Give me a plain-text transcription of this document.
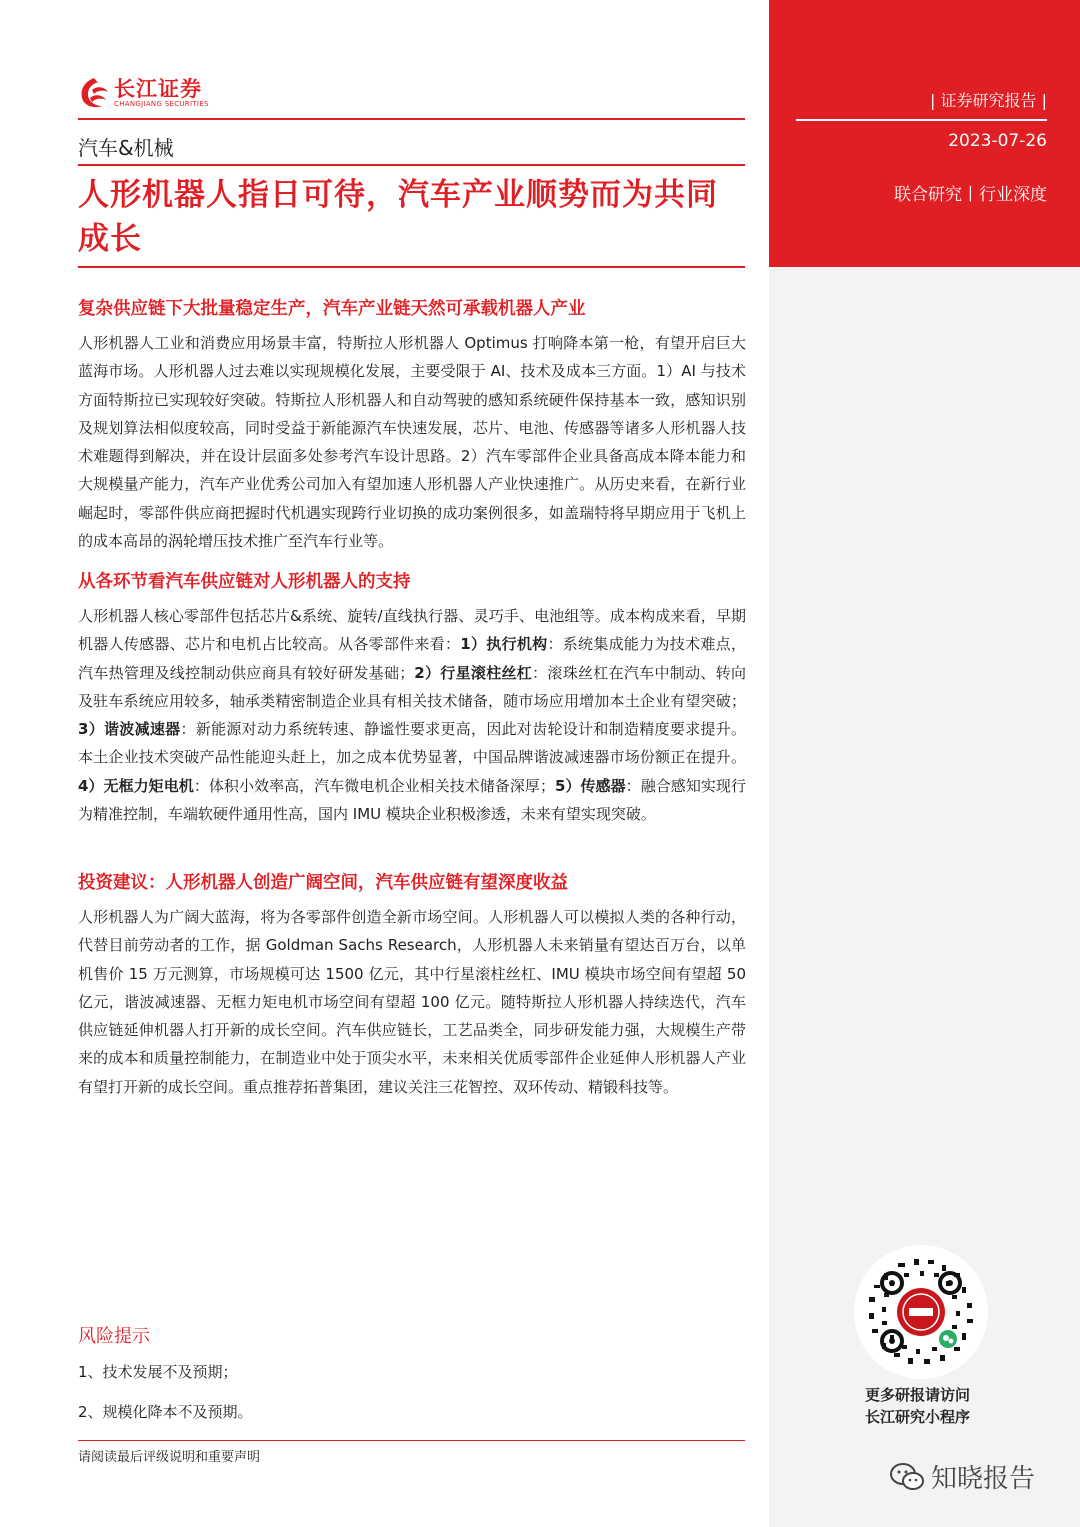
| 证券研究报告 |
2023-07-26
联合研究丨行业深度
更多研报请访问
长江研究小程序
知晓报告
长江证券
CHANGJIANG SECURITIES
汽车&机械
人形机器人指日可待，汽车产业顺势而为共同成长
复杂供应链下大批量稳定生产，汽车产业链天然可承载机器人产业
人形机器人工业和消费应用场景丰富，特斯拉人形机器人 Optimus 打响降本第一枪，有望开启巨大蓝海市场。人形机器人过去难以实现规模化发展，主要受限于 AI、技术及成本三方面。1）AI 与技术方面特斯拉已实现较好突破。特斯拉人形机器人和自动驾驶的感知系统硬件保持基本一致，感知识别及规划算法相似度较高，同时受益于新能源汽车快速发展，芯片、电池、传感器等诸多人形机器人技术难题得到解决，并在设计层面多处参考汽车设计思路。2）汽车零部件企业具备高成本降本能力和大规模量产能力，汽车产业优秀公司加入有望加速人形机器人产业快速推广。从历史来看，在新行业崛起时，零部件供应商把握时代机遇实现跨行业切换的成功案例很多，如盖瑞特将早期应用于飞机上的成本高昂的涡轮增压技术推广至汽车行业等。
从各环节看汽车供应链对人形机器人的支持
人形机器人核心零部件包括芯片&系统、旋转/直线执行器、灵巧手、电池组等。成本构成来看，早期机器人传感器、芯片和电机占比较高。从各零部件来看：1）执行机构：系统集成能力为技术难点，汽车热管理及线控制动供应商具有较好研发基础；2）行星滚柱丝杠：滚珠丝杠在汽车中制动、转向及驻车系统应用较多，轴承类精密制造企业具有相关技术储备，随市场应用增加本土企业有望突破；3）谐波减速器：新能源对动力系统转速、静谧性要求更高，因此对齿轮设计和制造精度要求提升。本土企业技术突破产品性能迎头赶上，加之成本优势显著，中国品牌谐波减速器市场份额正在提升。4）无框力矩电机：体积小效率高，汽车微电机企业相关技术储备深厚；5）传感器：融合感知实现行为精准控制，车端软硬件通用性高，国内 IMU 模块企业积极渗透，未来有望实现突破。
投资建议：人形机器人创造广阔空间，汽车供应链有望深度收益
人形机器人为广阔大蓝海，将为各零部件创造全新市场空间。人形机器人可以模拟人类的各种行动，代替目前劳动者的工作，据 Goldman Sachs Research，人形机器人未来销量有望达百万台，以单机售价 15 万元测算，市场规模可达 1500 亿元，其中行星滚柱丝杠、IMU 模块市场空间有望超 50 亿元，谐波减速器、无框力矩电机市场空间有望超 100 亿元。随特斯拉人形机器人持续迭代，汽车供应链延伸机器人打开新的成长空间。汽车供应链长，工艺品类全，同步研发能力强，大规模生产带来的成本和质量控制能力，在制造业中处于顶尖水平，未来相关优质零部件企业延伸人形机器人产业有望打开新的成长空间。重点推荐拓普集团，建议关注三花智控、双环传动、精锻科技等。
风险提示
1、技术发展不及预期；
2、规模化降本不及预期。
请阅读最后评级说明和重要声明
